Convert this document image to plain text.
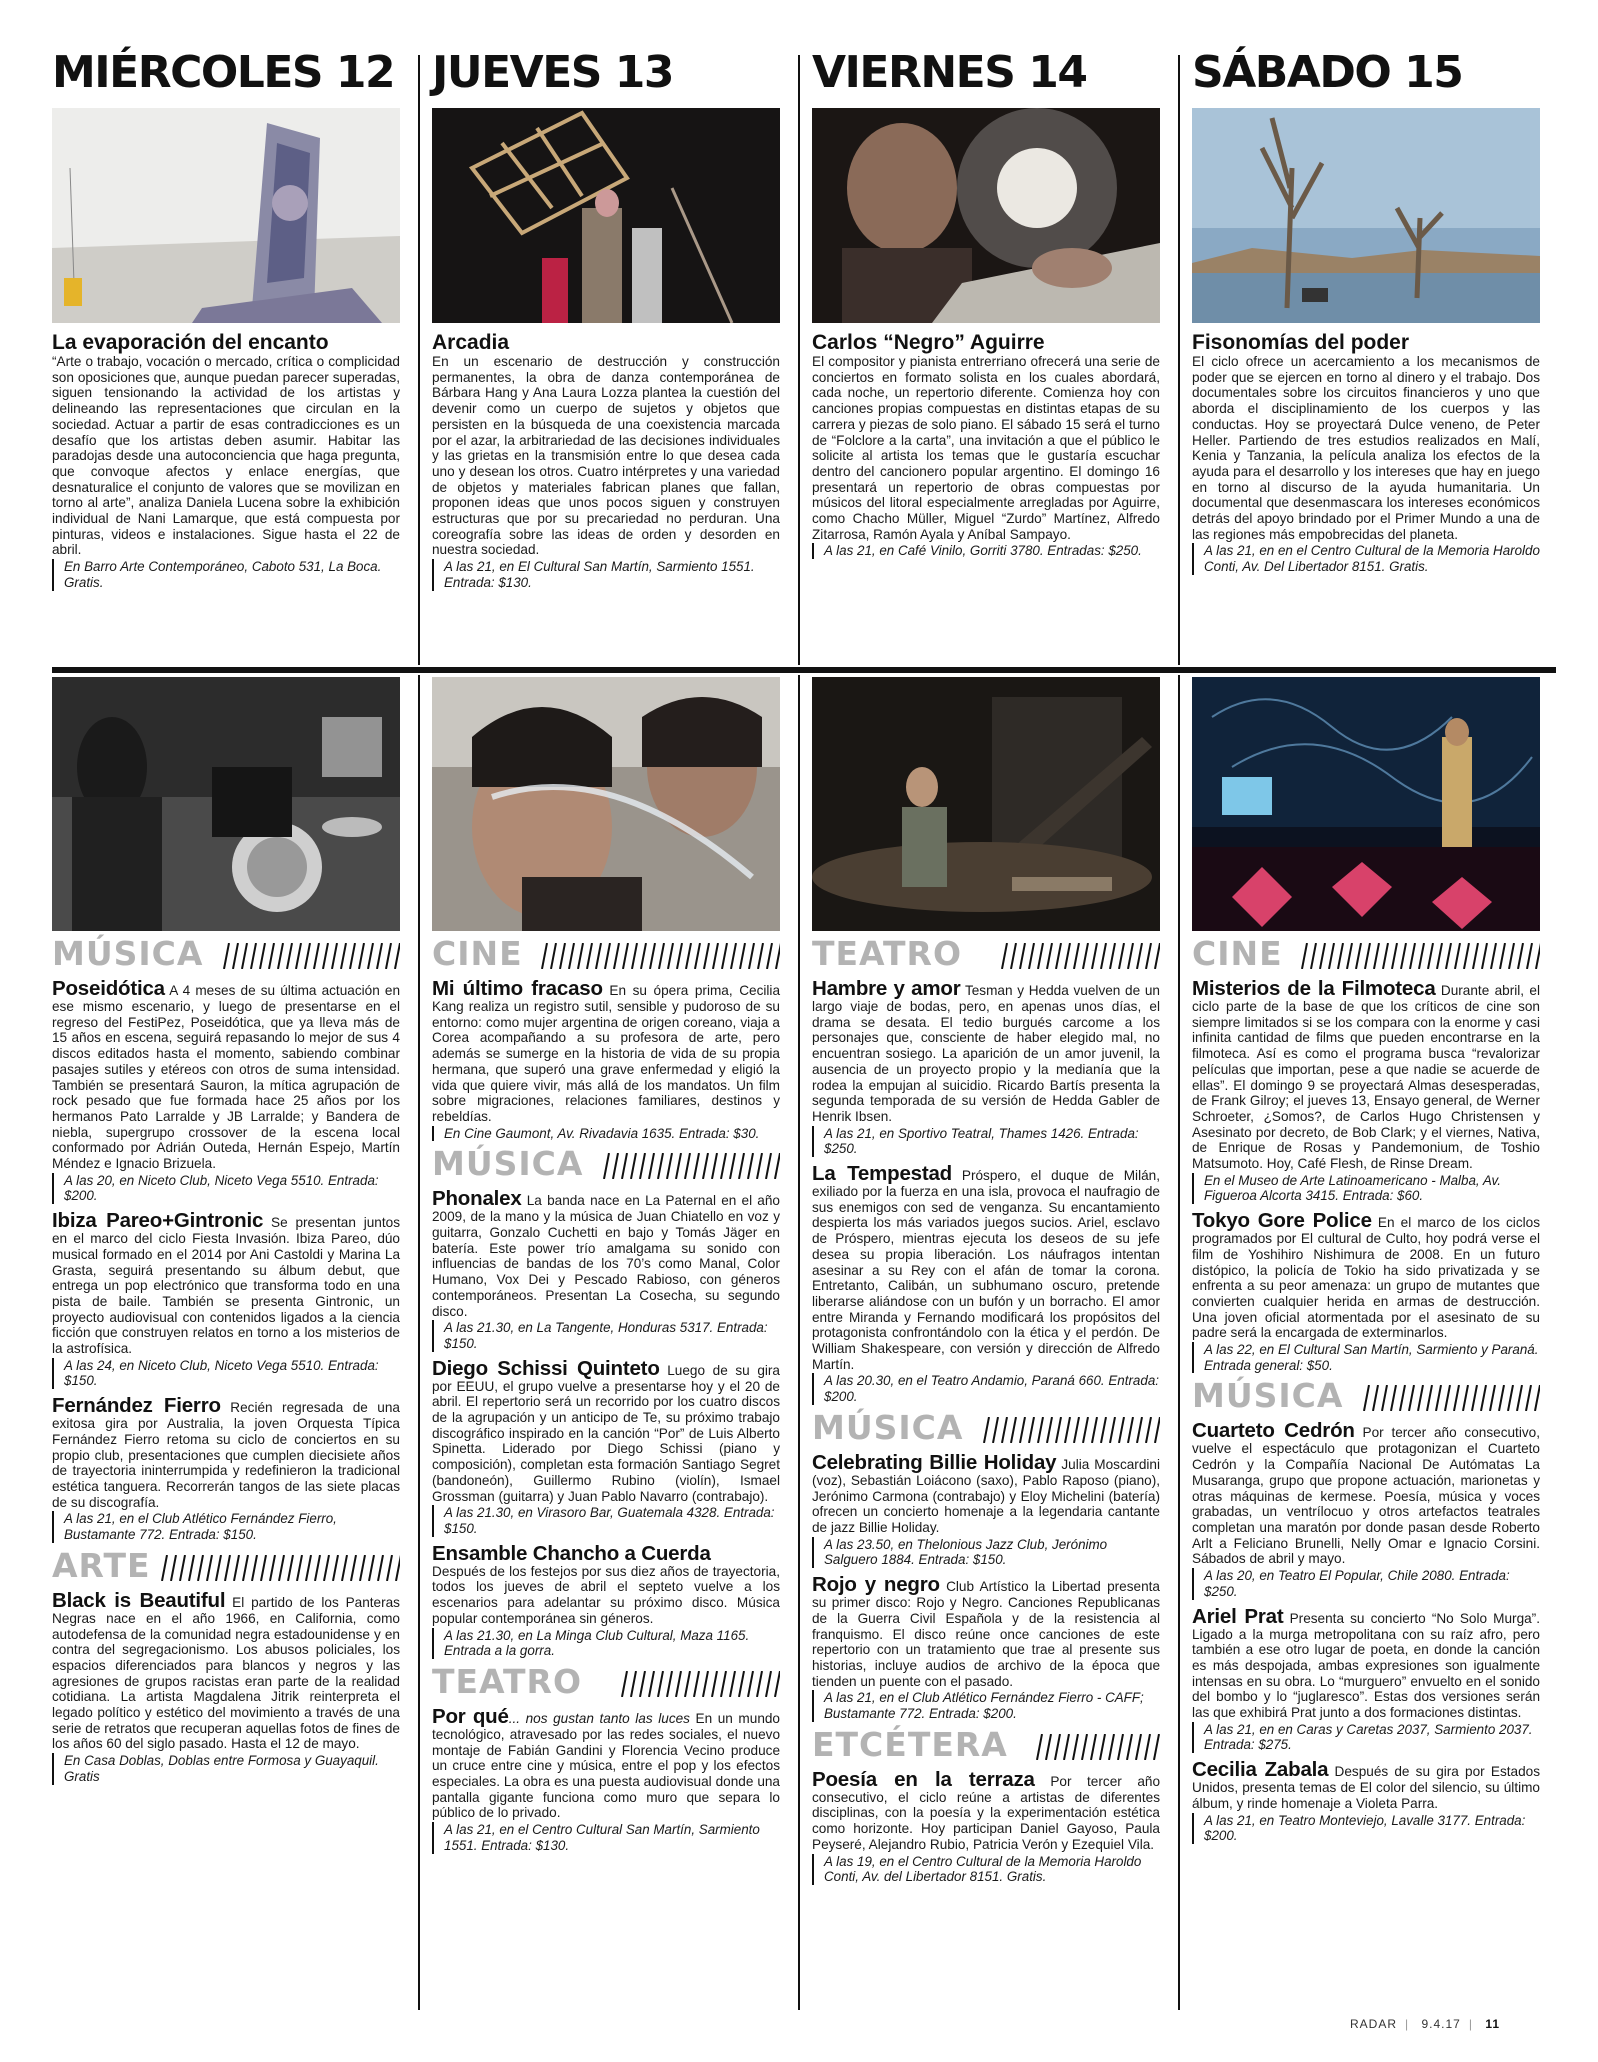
MIÉRCOLES 12
La evaporación del encanto
“Arte o trabajo, vocación o mercado, crítica o complicidad son oposiciones que, aunque puedan parecer superadas, siguen tensionando la actividad de los artistas y delineando las representaciones que circulan en la sociedad. Actuar a partir de esas contradicciones es un desafío que los artistas deben asumir. Habitar las paradojas desde una autoconciencia que haga pregunta, que convoque afectos y enlace energías, que desnaturalice el conjunto de valores que se movilizan en torno al arte”, analiza Daniela Lucena sobre la exhibición individual de Nani Lamarque, que está compuesta por pinturas, videos e instalaciones. Sigue hasta el 22 de abril.
En Barro Arte Contemporáneo, Caboto 531, La Boca. Gratis.
JUEVES 13
Arcadia
En un escenario de destrucción y construcción permanentes, la obra de danza contemporánea de Bárbara Hang y Ana Laura Lozza plantea la cuestión del devenir como un cuerpo de sujetos y objetos que persisten en la búsqueda de una coexistencia marcada por el azar, la arbitrariedad de las decisiones individuales y las grietas en la transmisión entre lo que desea cada uno y desean los otros. Cuatro intérpretes y una variedad de objetos y materiales fabrican planes que fallan, proponen ideas que unos pocos siguen y construyen estructuras que por su precariedad no perduran. Una coreografía sobre las ideas de orden y desorden en nuestra sociedad.
A las 21, en El Cultural San Martín, Sarmiento 1551. Entrada: $130.
VIERNES 14
Carlos “Negro” Aguirre
El compositor y pianista entrerriano ofrecerá una serie de conciertos en formato solista en los cuales abordará, cada noche, un repertorio diferente. Comienza hoy con canciones propias compuestas en distintas etapas de su carrera y piezas de solo piano. El sábado 15 será el turno de “Folclore a la carta”, una invitación a que el público le solicite al artista los temas que le gustaría escuchar dentro del cancionero popular argentino. El domingo 16 presentará un repertorio de obras compuestas por músicos del litoral especialmente arregladas por Aguirre, como Chacho Müller, Miguel “Zurdo” Martínez, Alfredo Zitarrosa, Ramón Ayala y Aníbal Sampayo.
A las 21, en Café Vinilo, Gorriti 3780. Entradas: $250.
SÁBADO 15
Fisonomías del poder
El ciclo ofrece un acercamiento a los mecanismos de poder que se ejercen en torno al dinero y el trabajo. Dos documentales sobre los circuitos financieros y uno que aborda el disciplinamiento de los cuerpos y las conductas. Hoy se proyectará Dulce veneno, de Peter Heller. Partiendo de tres estudios realizados en Malí, Kenia y Tanzania, la película analiza los efectos de la ayuda para el desarrollo y los intereses que hay en juego en torno al discurso de la ayuda humanitaria. Un documental que desenmascara los intereses económicos detrás del apoyo brindado por el Primer Mundo a una de las regiones más empobrecidas del planeta.
A las 21, en en el Centro Cultural de la Memoria Haroldo Conti, Av. Del Libertador 8151. Gratis.
MÚSICA
Poseidótica A 4 meses de su última actuación en ese mismo escenario, y luego de presentarse en el regreso del FestiPez, Poseidótica, que ya lleva más de 15 años en escena, seguirá repasando lo mejor de sus 4 discos editados hasta el momento, sabiendo combinar pasajes sutiles y etéreos con otros de suma intensidad. También se presentará Sauron, la mítica agrupación de rock pesado que fue formada hace 25 años por los hermanos Pato Larralde y JB Larralde; y Bandera de niebla, supergrupo crossover de la escena local conformado por Adrián Outeda, Hernán Espejo, Martín Méndez e Ignacio Brizuela.
A las 20, en Niceto Club, Niceto Vega 5510. Entrada: $200.
Ibiza Pareo+Gintronic Se presentan juntos en el marco del ciclo Fiesta Invasión. Ibiza Pareo, dúo musical formado en el 2014 por Ani Castoldi y Marina La Grasta, seguirá presentando su álbum debut, que entrega un pop electrónico que transforma todo en una pista de baile. También se presenta Gintronic, un proyecto audiovisual con contenidos ligados a la ciencia ficción que construyen relatos en torno a los misterios de la astrofísica.
A las 24, en Niceto Club, Niceto Vega 5510. Entrada: $150.
Fernández Fierro Recién regresada de una exitosa gira por Australia, la joven Orquesta Típica Fernández Fierro retoma su ciclo de conciertos en su propio club, presentaciones que cumplen diecisiete años de trayectoria ininterrumpida y redefinieron la tradicional estética tanguera. Recorrerán tangos de las siete placas de su discografía.
A las 21, en el Club Atlético Fernández Fierro, Bustamante 772. Entrada: $150.
ARTE
Black is Beautiful El partido de los Panteras Negras nace en el año 1966, en California, como autodefensa de la comunidad negra estadounidense y en contra del segregacionismo. Los abusos policiales, los espacios diferenciados para blancos y negros y las agresiones de grupos racistas eran parte de la realidad cotidiana. La artista Magdalena Jitrik reinterpreta el legado político y estético del movimiento a través de una serie de retratos que recuperan aquellas fotos de fines de los años 60 del siglo pasado. Hasta el 12 de mayo.
En Casa Doblas, Doblas entre Formosa y Guayaquil. Gratis
CINE
Mi último fracaso En su ópera prima, Cecilia Kang realiza un registro sutil, sensible y pudoroso de su entorno: como mujer argentina de origen coreano, viaja a Corea acompañando a su profesora de arte, pero además se sumerge en la historia de vida de su propia hermana, que superó una grave enfermedad y eligió la vida que quiere vivir, más allá de los mandatos. Un film sobre migraciones, relaciones familiares, destinos y rebeldías.
En Cine Gaumont, Av. Rivadavia 1635. Entrada: $30.
MÚSICA
Phonalex La banda nace en La Paternal en el año 2009, de la mano y la música de Juan Chiatello en voz y guitarra, Gonzalo Cuchetti en bajo y Tomás Jäger en batería. Este power trío amalgama su sonido con influencias de bandas de los 70’s como Manal, Color Humano, Vox Dei y Pescado Rabioso, con géneros contemporáneos. Presentan La Cosecha, su segundo disco.
A las 21.30, en La Tangente, Honduras 5317. Entrada: $150.
Diego Schissi Quinteto Luego de su gira por EEUU, el grupo vuelve a presentarse hoy y el 20 de abril. El repertorio será un recorrido por los cuatro discos de la agrupación y un anticipo de Te, su próximo trabajo discográfico inspirado en la canción “Por” de Luis Alberto Spinetta. Liderado por Diego Schissi (piano y composición), completan esta formación Santiago Segret (bandoneón), Guillermo Rubino (violín), Ismael Grossman (guitarra) y Juan Pablo Navarro (contrabajo).
A las 21.30, en Virasoro Bar, Guatemala 4328. Entrada: $150.
Ensamble Chancho a Cuerda
Después de los festejos por sus diez años de trayectoria, todos los jueves de abril el septeto vuelve a los escenarios para adelantar su próximo disco. Música popular contemporánea sin géneros.
A las 21.30, en La Minga Club Cultural, Maza 1165. Entrada a la gorra.
TEATRO
Por qué... nos gustan tanto las luces En un mundo tecnológico, atravesado por las redes sociales, el nuevo montaje de Fabián Gandini y Florencia Vecino produce un cruce entre cine y música, entre el pop y los efectos especiales. La obra es una puesta audiovisual donde una pantalla gigante funciona como muro que separa lo público de lo privado.
A las 21, en el Centro Cultural San Martín, Sarmiento 1551. Entrada: $130.
TEATRO
Hambre y amor Tesman y Hedda vuelven de un largo viaje de bodas, pero, en apenas unos días, el drama se desata. El tedio burgués carcome a los personajes que, consciente de haber elegido mal, no encuentran sosiego. La aparición de un amor juvenil, la ausencia de un proyecto propio y la medianía que la rodea la empujan al suicidio. Ricardo Bartís presenta la segunda temporada de su versión de Hedda Gabler de Henrik Ibsen.
A las 21, en Sportivo Teatral, Thames 1426. Entrada: $250.
La Tempestad Próspero, el duque de Milán, exiliado por la fuerza en una isla, provoca el naufragio de sus enemigos con sed de venganza. Su encantamiento despierta los más variados juegos sucios. Ariel, esclavo de Próspero, mientras ejecuta los deseos de su jefe desea su propia liberación. Los náufragos intentan asesinar a su Rey con el afán de tomar la corona. Entretanto, Calibán, un subhumano oscuro, pretende liberarse aliándose con un bufón y un borracho. El amor entre Miranda y Fernando modificará los propósitos del protagonista confrontándolo con la ética y el perdón. De William Shakespeare, con versión y dirección de Alfredo Martín.
A las 20.30, en el Teatro Andamio, Paraná 660. Entrada: $200.
MÚSICA
Celebrating Billie Holiday Julia Moscardini (voz), Sebastián Loiácono (saxo), Pablo Raposo (piano), Jerónimo Carmona (contrabajo) y Eloy Michelini (batería) ofrecen un concierto homenaje a la legendaria cantante de jazz Billie Holiday.
A las 23.50, en Thelonious Jazz Club, Jerónimo Salguero 1884. Entrada: $150.
Rojo y negro Club Artístico la Libertad presenta su primer disco: Rojo y Negro. Canciones Republicanas de la Guerra Civil Española y de la resistencia al franquismo. El disco reúne once canciones de este repertorio con un tratamiento que trae al presente sus historias, incluye audios de archivo de la época que tienden un puente con el pasado.
A las 21, en el Club Atlético Fernández Fierro - CAFF; Bustamante 772. Entrada: $200.
ETCÉTERA
Poesía en la terraza Por tercer año consecutivo, el ciclo reúne a artistas de diferentes disciplinas, con la poesía y la experimentación estética como horizonte. Hoy participan Daniel Gayoso, Paula Peyseré, Alejandro Rubio, Patricia Verón y Ezequiel Vila.
A las 19, en el Centro Cultural de la Memoria Haroldo Conti, Av. del Libertador 8151. Gratis.
CINE
Misterios de la Filmoteca Durante abril, el ciclo parte de la base de que los críticos de cine son siempre limitados si se los compara con la enorme y casi infinita cantidad de films que pueden encontrarse en la filmoteca. Así es como el programa busca “revalorizar películas que importan, pese a que nadie se acuerde de ellas”. El domingo 9 se proyectará Almas desesperadas, de Frank Gilroy; el jueves 13, Ensayo general, de Werner Schroeter, ¿Somos?, de Carlos Hugo Christensen y Asesinato por decreto, de Bob Clark; y el viernes, Nativa, de Enrique de Rosas y Pandemonium, de Toshio Matsumoto. Hoy, Café Flesh, de Rinse Dream.
En el Museo de Arte Latinoamericano - Malba, Av. Figueroa Alcorta 3415. Entrada: $60.
Tokyo Gore Police En el marco de los ciclos programados por El cultural de Culto, hoy podrá verse el film de Yoshihiro Nishimura de 2008. En un futuro distópico, la policía de Tokio ha sido privatizada y se enfrenta a su peor amenaza: un grupo de mutantes que convierten cualquier herida en armas de destrucción. Una joven oficial atormentada por el asesinato de su padre será la encargada de exterminarlos.
A las 22, en El Cultural San Martín, Sarmiento y Paraná. Entrada general: $50.
MÚSICA
Cuarteto Cedrón Por tercer año consecutivo, vuelve el espectáculo que protagonizan el Cuarteto Cedrón y la Compañía Nacional De Autómatas La Musaranga, grupo que propone actuación, marionetas y otras máquinas de kermese. Poesía, música y voces grabadas, un ventrílocuo y otros artefactos teatrales completan una maratón por donde pasan desde Roberto Arlt a Feliciano Brunelli, Nelly Omar e Ignacio Corsini. Sábados de abril y mayo.
A las 20, en Teatro El Popular, Chile 2080. Entrada: $250.
Ariel Prat Presenta su concierto “No Solo Murga”. Ligado a la murga metropolitana con su raíz afro, pero también a ese otro lugar de poeta, en donde la canción es más despojada, ambas expresiones son igualmente intensas en su obra. Lo “murguero” envuelto en el sonido del bombo y lo “juglaresco”. Estas dos versiones serán las que exhibirá Prat junto a dos formaciones distintas.
A las 21, en en Caras y Caretas 2037, Sarmiento 2037. Entrada: $275.
Cecilia Zabala Después de su gira por Estados Unidos, presenta temas de El color del silencio, su último álbum, y rinde homenaje a Violeta Parra.
A las 21, en Teatro Monteviejo, Lavalle 3177. Entrada: $200.
RADAR | 9.4.17 | 11
